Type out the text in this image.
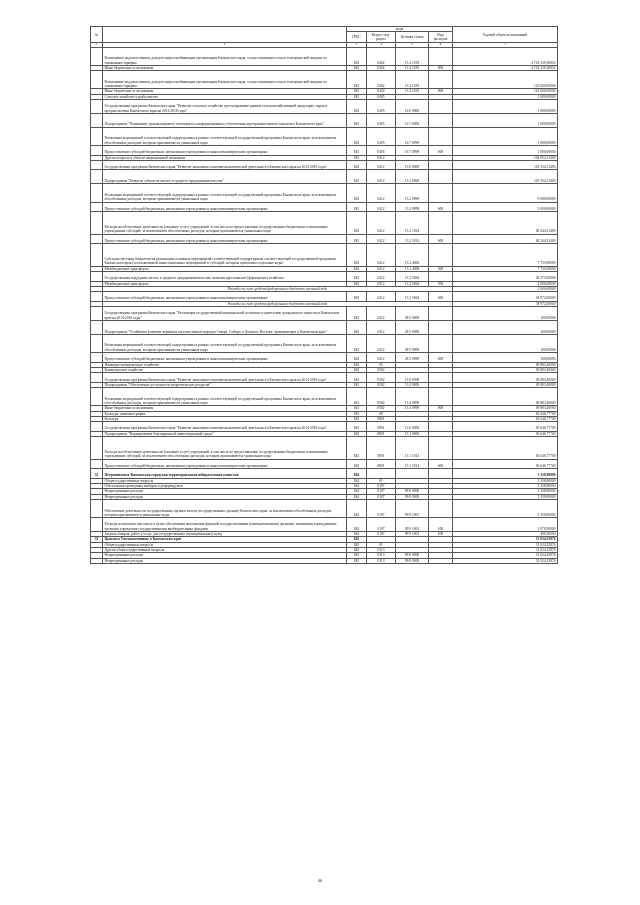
№		коды				Годовой объем ассигнований
		ГРБС	Раздел, под- раздел	Целевая статья	Вид расходов	
1	2	3	4	5	6	7
	Возмещение недополученных доходов энергоснабжающим организациям Камчатского края, осуществляющим отпуск электрической энергии по сниженным тарифам	843	0402	13 4 1019		4 743 339,30852
	Иные бюджетные ассигнования	843	0402	13 4 1019	800	4 743 339,30852
	Возмещение недополученных доходов энергоснабжающим организациям Камчатского края, осуществляющим отпуск электрической энергии по сниженным тарифам	843	0402	13 4 1019		125 000,00000
	Иные бюджетные ассигнования	843	0402	13 4 1019	800	125 000,00000
	Сельское хозяйство и рыболовство	843	0405			1 000,00000
	Государственная программа Камчатского края "Развитие сельского хозяйства и регулирование рынков сельскохозяйственной продукции, сырья и продовольствия Камчатского края на 2014-2018 годы"	843	0405	16 0 0000		1 000,00000
	Подпрограмма "Повышение уровня широкого потенциала и информационного обеспечения агропромышленного комплекса Камчатского края"	843	0405	16 7 0000		1 000,00000
	Реализация мероприятий соответствующей подпрограммы в рамках соответствующей государственной программы Камчатского края, за исключением обособленных расходов, которым присваиваются уникальные коды	843	0405	16 7 0999		1 000,00000
	Предоставление субсидий бюджетным, автономным учреждениям и иным некоммерческим организациям	843	0405	16 7 0999	600	1 000,00000
	Другие вопросы в области национальной экономики	843	0412			102 052,51400
	Государственная программа Камчатского края "Развитие экономики и внешнеэкономической деятельности Камчатского края на 2014-2018 годы"	843	0412	13 0 0000		101 552,51400
	Подпрограмма "Развитие субъектов малого и среднего предпринимательства"	843	0412	13 2 0000		101 552,51400
	Реализация мероприятий соответствующей подпрограммы в рамках соответствующей государственной программы Камчатского края, за исключением обособленных расходов, которым присваиваются уникальные коды	843	0412	13 2 0999		9 000,00000
	Предоставление субсидий бюджетным, автономным учреждениям и иным некоммерческим организациям	843	0412	13 2 0999	600	9 000,00000
	Расходы на обеспечение деятельности (оказание услуг) учреждений, в том числе на предоставление государственным бюджетным и автономным учреждениям субсидий, за исключением обособленных расходов, которым присваиваются уникальные коды	843	0412	13 2 1014		48 244,51400
	Предоставление субсидий бюджетным, автономным учреждениям и иным некоммерческим организациям	843	0412	13 2 1014	600	48 244,51400
	Субсидии местным бюджетам на реализацию основных мероприятий соответствующей подпрограммы соответствующей государственной программы Камчатского края (за исключением инвестиционных мероприятий и субсидий, которым присвоены отдельные коды)	843	0412	13 2 4006		7 735,00000
	Межбюджетные трансферты	843	0412	13 2 4006	500	7 735,00000
	Государственная поддержка малого и среднего предпринимательства, включая крестьянские (фермерские) хозяйства	843	0412	13 2 5064		36 573,00000
	Межбюджетные трансферты	843	0412	13 2 5064	500	2 000,00000
	Расходы за счет средств федерального бюджета местный кодл					2 000,00000
	Предоставление субсидий бюджетным, автономным учреждениям и иным некоммерческим организациям	843	0412	13 2 5064	600	34 972,00000
	Расходы за счет средств федерального бюджета местный кодл					34 972,00000
	Государственная программа Камчатского края "Реализация государственной национальной политики и укрепление гражданского единства в Камчатском крае на 2014-2018 годы"	843	0412	28 0 0000		100,00000
	Подпрограмма "Устойчивое развитие коренных малочисленных народов Севера, Сибири и Дальнего Востока, проживающих в Камчатском крае"	843	0412	28 5 0000		100,00000
	Реализация мероприятий соответствующей подпрограммы в рамках соответствующей государственной программы Камчатского края, за исключением обособленных расходов, которым присваиваются уникальные коды	843	0412	28 5 0999		100,00000
	Предоставление субсидий бюджетным, автономным учреждениям и иным некоммерческим организациям	843	0412	28 5 0999	600	100,00000
	Жилищно-коммунальное хозяйство	843	05			49 883,40000
	Коммунальное хозяйство	843	0502			49 883,40000
	Государственная программа Камчатского края "Развитие экономики и внешнеэкономической деятельности Камчатского края на 2014-2018 годы"	843	0502	13 0 0000		49 883,40000
	Подпрограмма "Обеспечение доступности энергетических ресурсов"	843	0502	13 4 0000		49 883,40000
	Реализация мероприятий соответствующей подпрограммы в рамках соответствующей государственной программы Камчатского края, за исключением обособленных расходов, которым присваиваются уникальные коды	843	0502	13 4 0999		49 883,40000
	Иные бюджетные ассигнования	843	0502	13 4 0999	800	49 883,40000
	Культура, кинематография	843	08			65 646,77700
	Культура	843	0801			65 646,77700
	Государственная программа Камчатского края "Развитие экономики и внешнеэкономической деятельности Камчатского края на 2014-2018 годы"	843	0801	13 0 0000		65 646,77700
	Подпрограмма "Формирование благоприятной инвестиционной среды"	843	0801	13 1 0000		65 646,77700
	Расходы на обеспечение деятельности (оказание услуг) учреждений, в том числе на предоставление государственным бюджетным и автономным учреждениям субсидий, за исключением обособленных расходов, которым присваиваются уникальные коды	843	0801	13 1 1014		65 646,77700
	Предоставление субсидий бюджетным, автономным учреждениям и иным некоммерческим организациям	843	0801	13 1 1014	600	65 646,77700
32	Петропавловск-Камчатская городская территориальная избирательная комиссия	844				3 358,80000
	Общегосударственные вопросы	844	01			3 358,80000
	Обеспечение проведения выборов и референдумов	844	0107			3 358,80000
	Непрограммные расходы	844	0107	99 0 0000		3 358,80000
	Непрограммные расходы	844	0107	99 9 0000		3 358,80000
	Обеспечение деятельности государственных органов власти (государственных органов) Камчатского края, за исключением обособленных расходов, которым присваиваются уникальные коды	844	0107	99 9 1001		3 358,80000
	Расходы на выплаты персоналу в целях обеспечения выполнения функций государственными (муниципальными) органами, казенными учреждениями, органами управления государственными внебюджетными фондами	844	0107	99 9 1001	100	2 878,50000
	Закупка товаров, работ и услуг для государственных (муниципальных) нужд	844	0107	99 9 1001	200	480,30000
33	Цыплята Уполномоченные в Камчатском крае	845				31 024,25876
	Общегосударственные вопросы	845	01			31 024,25876
	Другие общегосударственные вопросы	845	0113			31 024,25876
	Непрограммные расходы	845	0113	99 0 0000		31 024,25876
	Непрограммные расходы	845	0113	99 9 0000		31 024,25876
46
